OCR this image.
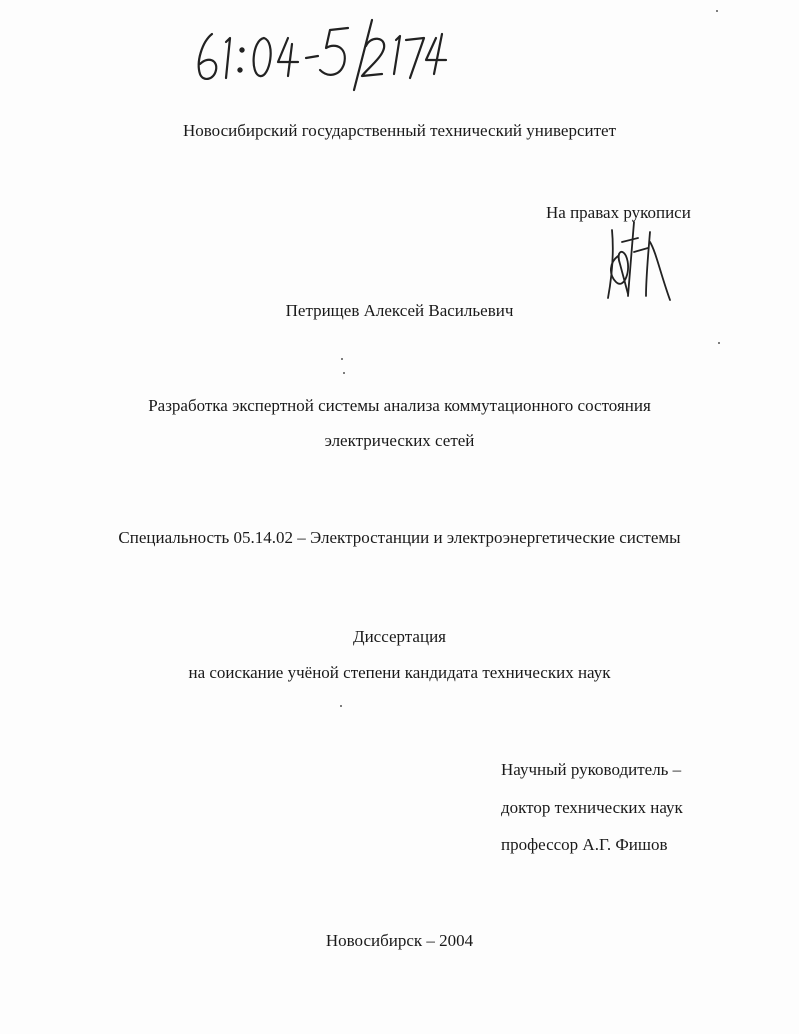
Новосибирский государственный технический университет
На правах рукописи
Петрищев Алексей Васильевич
Разработка экспертной системы анализа коммутационного состояния
электрических сетей
Специальность 05.14.02 – Электростанции и электроэнергетические системы
Диссертация
на соискание учёной степени кандидата технических наук
Научный руководитель –
доктор технических наук
профессор А.Г. Фишов
Новосибирск – 2004
